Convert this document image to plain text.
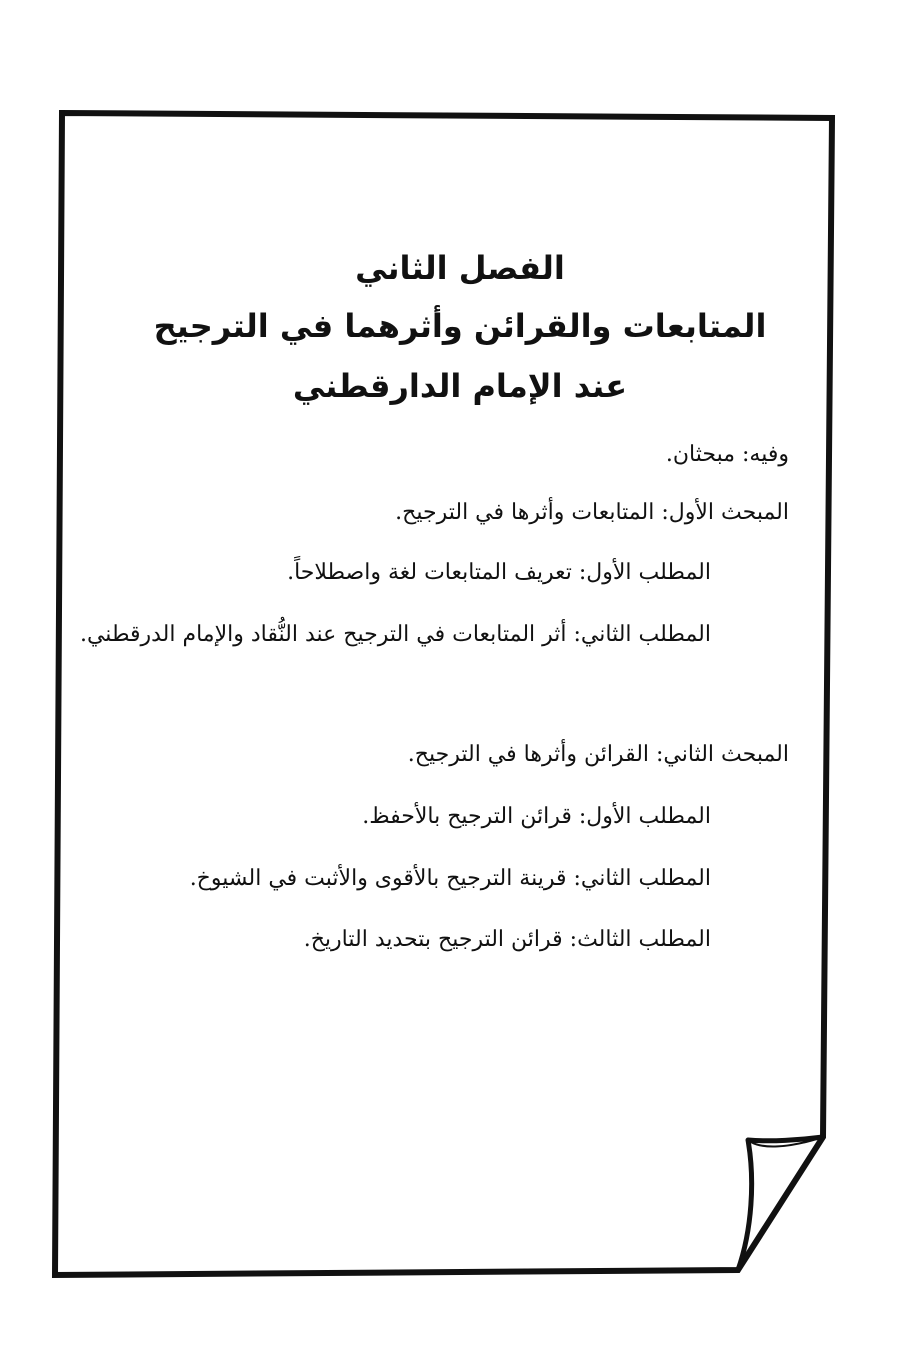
الفصل الثاني
المتابعات والقرائن وأثرهما في الترجيح
عند الإمام الدارقطني
وفيه: مبحثان.
المبحث الأول: المتابعات وأثرها في الترجيح.
المطلب الأول: تعريف المتابعات لغة واصطلاحاً.
المطلب الثاني: أثر المتابعات في الترجيح عند النُّقاد والإمام الدرقطني.
المبحث الثاني: القرائن وأثرها في الترجيح.
المطلب الأول: قرائن الترجيح بالأحفظ.
المطلب الثاني: قرينة الترجيح بالأقوى والأثبت في الشيوخ.
المطلب الثالث: قرائن الترجيح بتحديد التاريخ.
